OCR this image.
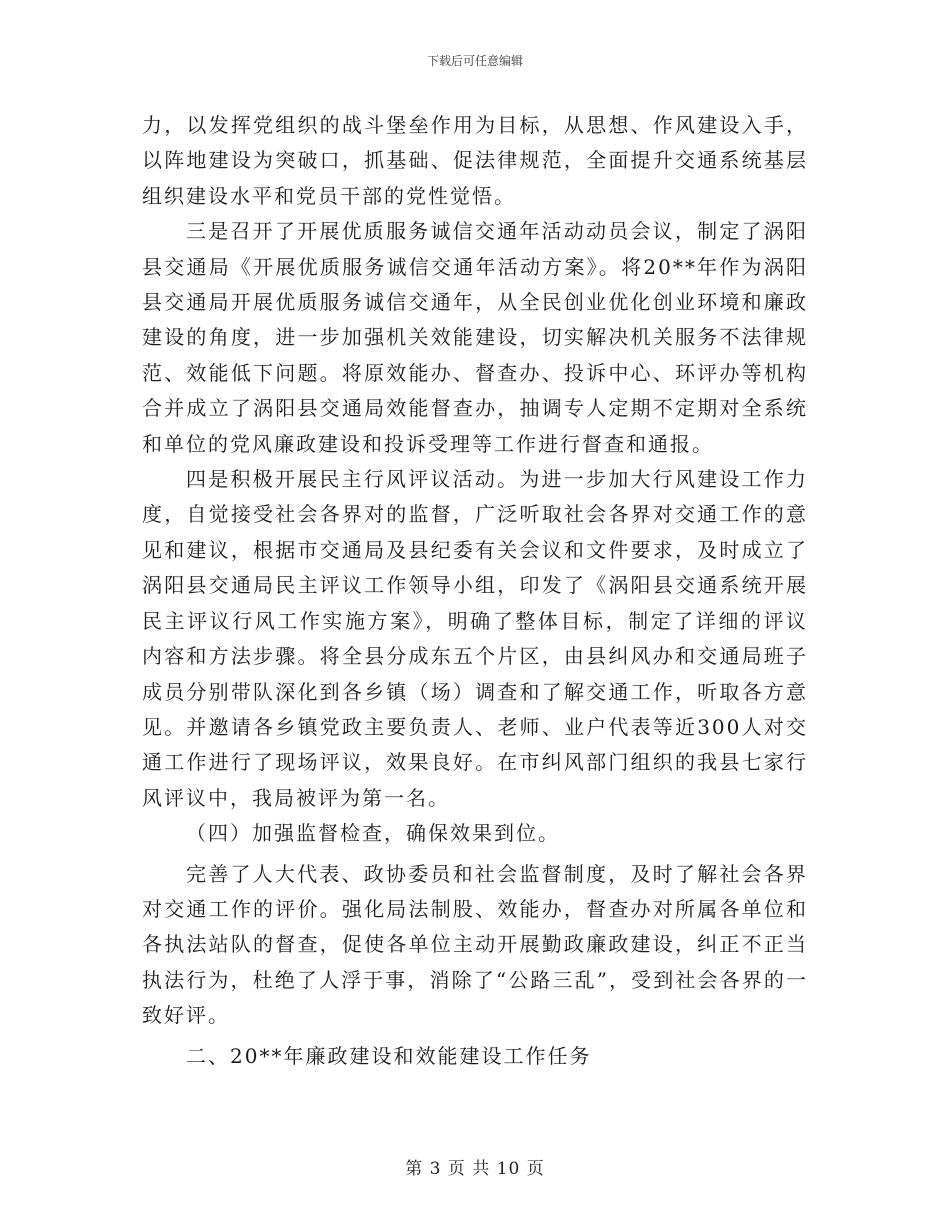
下载后可任意编辑

力，以发挥党组织的战斗堡垒作用为目标，从思想、作风建设入手，以阵地建设为突破口，抓基础、促法律规范，全面提升交通系统基层组织建设水平和党员干部的党性觉悟。

三是召开了开展优质服务诚信交通年活动动员会议，制定了涡阳县交通局《开展优质服务诚信交通年活动方案》。将20**年作为涡阳县交通局开展优质服务诚信交通年，从全民创业优化创业环境和廉政建设的角度，进一步加强机关效能建设，切实解决机关服务不法律规范、效能低下问题。将原效能办、督查办、投诉中心、环评办等机构合并成立了涡阳县交通局效能督查办，抽调专人定期不定期对全系统和单位的党风廉政建设和投诉受理等工作进行督查和通报。

四是积极开展民主行风评议活动。为进一步加大行风建设工作力度，自觉接受社会各界对的监督，广泛听取社会各界对交通工作的意见和建议，根据市交通局及县纪委有关会议和文件要求，及时成立了涡阳县交通局民主评议工作领导小组，印发了《涡阳县交通系统开展民主评议行风工作实施方案》，明确了整体目标，制定了详细的评议内容和方法步骤。将全县分成东五个片区，由县纠风办和交通局班子成员分别带队深化到各乡镇（场）调查和了解交通工作，听取各方意见。并邀请各乡镇党政主要负责人、老师、业户代表等近300人对交通工作进行了现场评议，效果良好。在市纠风部门组织的我县七家行风评议中，我局被评为第一名。

（四）加强监督检查，确保效果到位。

完善了人大代表、政协委员和社会监督制度，及时了解社会各界对交通工作的评价。强化局法制股、效能办，督查办对所属各单位和各执法站队的督查，促使各单位主动开展勤政廉政建设，纠正不正当执法行为，杜绝了人浮于事，消除了“公路三乱”，受到社会各界的一致好评。

二、20**年廉政建设和效能建设工作任务

第 3 页 共 10 页
